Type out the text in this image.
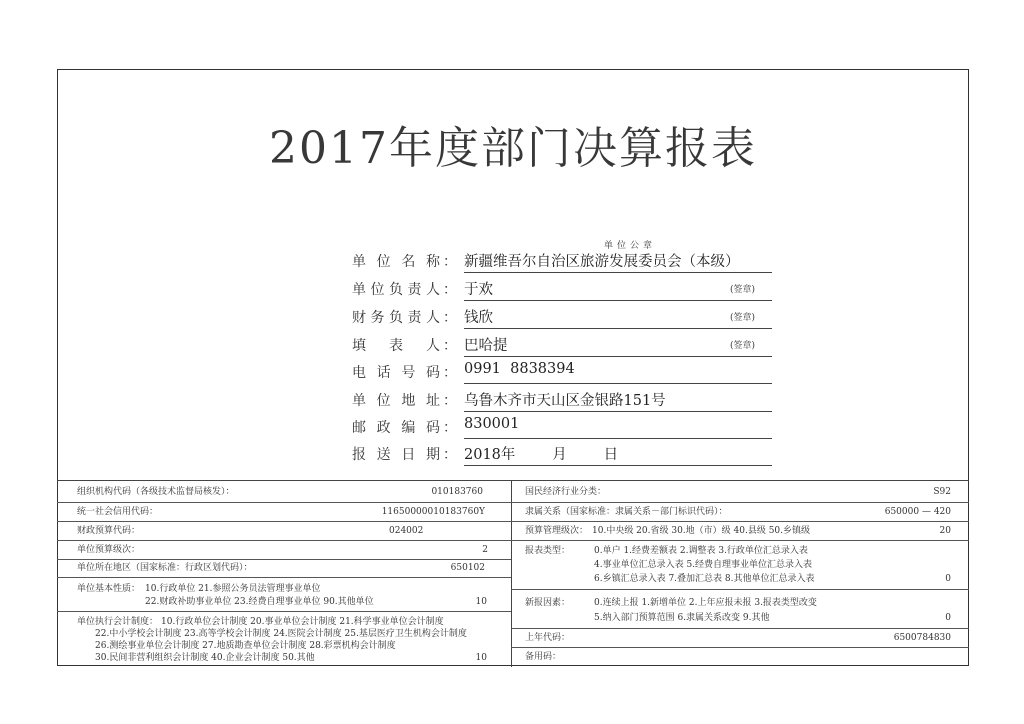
2017年度部门决算报表
单位公章
单位名称 ： 新疆维吾尔自治区旅游发展委员会（本级）
单位负责人 ： 于欢	(签章)
财务负责人 ： 钱欣	(签章)
填表人 ： 巴哈提	(签章)
电话号码 ： 0991  8838394
单位地址 ： 乌鲁木齐市天山区金银路151号
邮政编码 ： 830001
报送日期 ： 2018年        月        日
组织机构代码（各级技术监督局核发）：	010183760
统一社会信用代码：	11650000010183760Y
财政预算代码：	024002
单位预算级次：	2
单位所在地区（国家标准：行政区划代码）：	650102
单位基本性质： 10.行政单位 21.参照公务员法管理事业单位
22.财政补助事业单位 23.经费自理事业单位 90.其他单位	10
单位执行会计制度： 10.行政单位会计制度 20.事业单位会计制度 21.科学事业单位会计制度
22.中小学校会计制度 23.高等学校会计制度 24.医院会计制度 25.基层医疗卫生机构会计制度
26.测绘事业单位会计制度 27.地质勘查单位会计制度 28.彩票机构会计制度
30.民间非营利组织会计制度 40.企业会计制度 50.其他	10
国民经济行业分类：	S92
隶属关系（国家标准：隶属关系－部门标识代码）：	650000 — 420
预算管理级次： 10.中央级 20.省级 30.地（市）级 40.县级 50.乡镇级	20
报表类型：	0.单户 1.经费差额表 2.调整表 3.行政单位汇总录入表
4.事业单位汇总录入表 5.经费自理事业单位汇总录入表
6.乡镇汇总录入表 7.叠加汇总表 8.其他单位汇总录入表	0
新报因素：	0.连续上报 1.新增单位 2.上年应报未报 3.报表类型改变
5.纳入部门预算范围 6.隶属关系改变 9.其他	0
上年代码：	6500784830
备用码：
